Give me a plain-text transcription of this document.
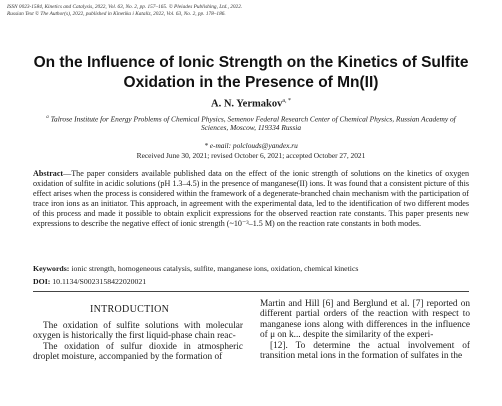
ISSN 0023-1584, Kinetics and Catalysis, 2022, Vol. 63, No. 2, pp. 157–165. © Pleiades Publishing, Ltd., 2022.
Russian Text © The Author(s), 2022, published in Kinetika i Kataliz, 2022, Vol. 63, No. 2, pp. 178–186.
On the Influence of Ionic Strength on the Kinetics of Sulfite Oxidation in the Presence of Mn(II)
A. N. Yermakov$^{a, *}$
$^a$ Talrose Institute for Energy Problems of Chemical Physics, Semenov Federal Research Center of Chemical Physics, Russian Academy of Sciences, Moscow, 119334 Russia
* e-mail: polclouds@yandex.ru
Received June 30, 2021; revised October 6, 2021; accepted October 27, 2021
Abstract—The paper considers available published data on the effect of the ionic strength of solutions on the kinetics of oxygen oxidation of sulfite in acidic solutions (pH 1.3–4.5) in the presence of manganese(II) ions. It was found that a consistent picture of this effect arises when the process is considered within the framework of a degenerate-branched chain mechanism with the participation of trace iron ions as an initiator. This approach, in agreement with the experimental data, led to the identification of two different modes of this process and made it possible to obtain explicit expressions for the observed reaction rate constants. This paper presents new expressions to describe the negative effect of ionic strength (~10⁻³–1.5 M) on the reaction rate constants in both modes.
Keywords: ionic strength, homogeneous catalysis, sulfite, manganese ions, oxidation, chemical kinetics
DOI: 10.1134/S0023158422020021
INTRODUCTION

The oxidation of sulfite solutions with molecular oxygen is historically the first liquid-phase chain reac-

The oxidation of sulfur dioxide in atmospheric droplet moisture, accompanied by the formation of

Martin and Hill [6] and Berglund et al. [7] reported on different partial orders of the reaction with respect to manganese ions along with differences in the influence of μ on k... despite the similarity of the experi-

[12]. To determine the actual involvement of transition metal ions in the formation of sulfates in the
